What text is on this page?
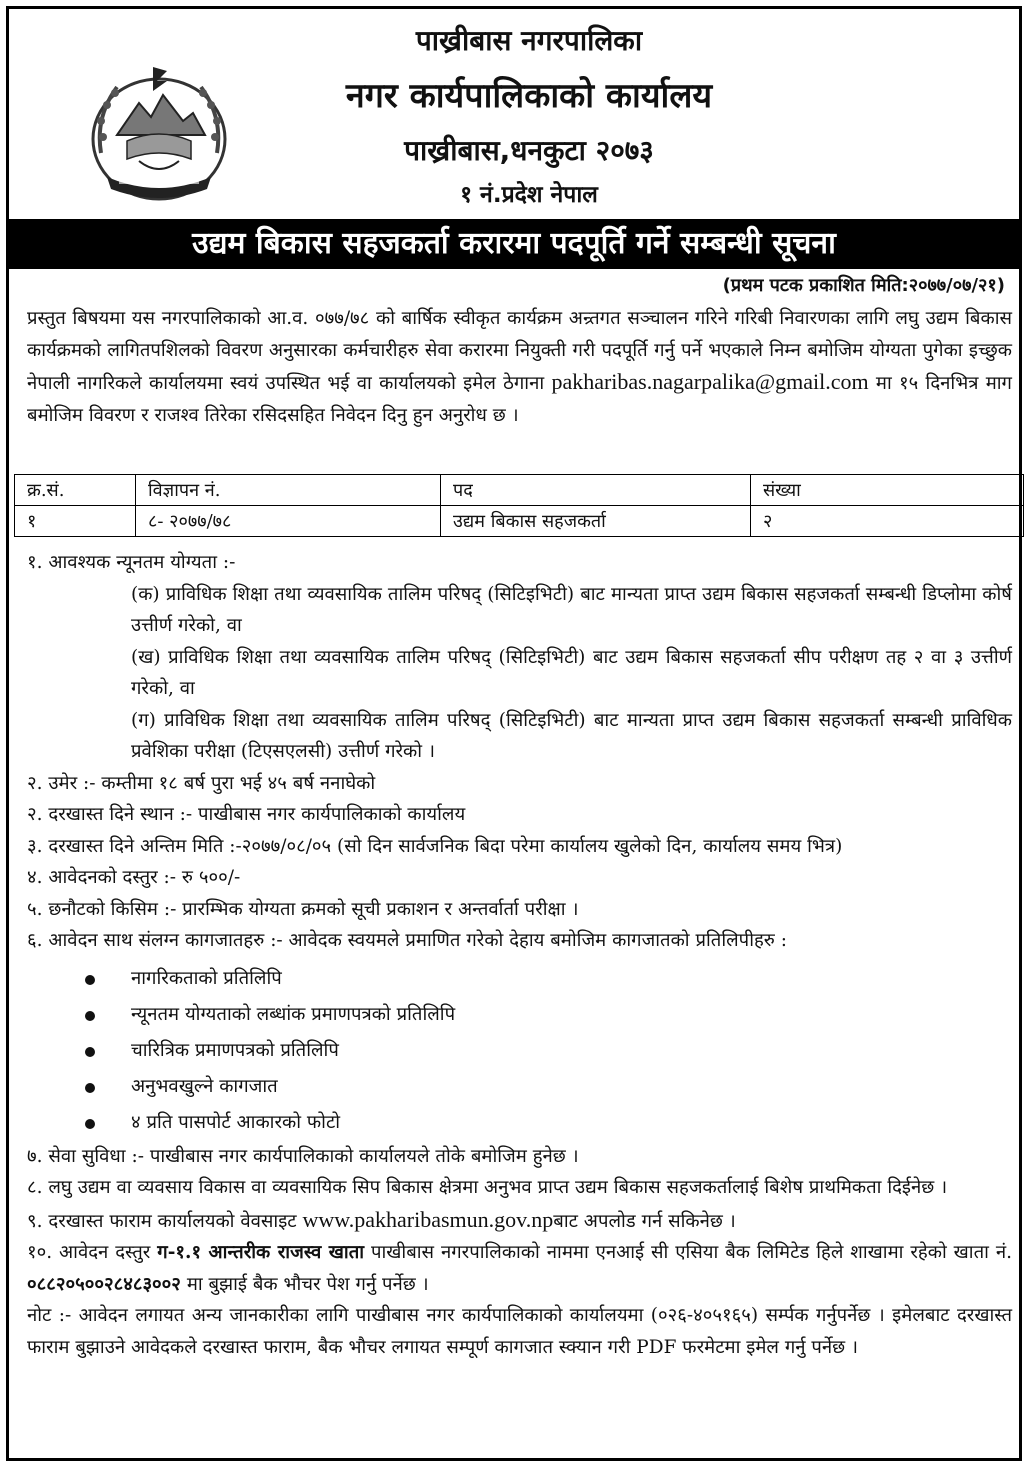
पाख्रीबास नगरपालिका
नगर कार्यपालिकाको कार्यालय
पाख्रीबास,धनकुटा २०७३
१ नं.प्रदेश नेपाल
उद्यम बिकास सहजकर्ता करारमा पदपूर्ति गर्ने सम्बन्धी सूचना
(प्रथम पटक प्रकाशित मिति:२०७७/०७/२१)
प्रस्तुत बिषयमा यस नगरपालिकाको आ.व. ०७७/७८ को बार्षिक स्वीकृत कार्यक्रम अन्र्तगत सञ्चालन गरिने गरिबी निवारणका लागि लघु उद्यम बिकास कार्यक्रमको लागितपशिलको विवरण अनुसारका कर्मचारीहरु सेवा करारमा नियुक्ती गरी पदपूर्ति गर्नु पर्ने भएकाले निम्न बमोजिम योग्यता पुगेका इच्छुक नेपाली नागरिकले कार्यालयमा स्वयं उपस्थित भई वा कार्यालयको इमेल ठेगाना pakharibas.nagarpalika@gmail.com मा १५ दिनभित्र माग बमोजिम विवरण र राजश्व तिरेका रसिदसहित निवेदन दिनु हुन अनुरोध छ ।
क्र.सं.	विज्ञापन नं.	पद	संख्या
१	८- २०७७/७८	उद्यम बिकास सहजकर्ता	२

१. आवश्यक न्यूनतम योग्यता :-

(क) प्राविधिक शिक्षा तथा व्यवसायिक तालिम परिषद् (सिटिइभिटी) बाट मान्यता प्राप्त उद्यम बिकास सहजकर्ता सम्बन्धी डिप्लोमा कोर्ष उत्तीर्ण गरेको, वा

(ख) प्राविधिक शिक्षा तथा व्यवसायिक तालिम परिषद् (सिटिइभिटी) बाट उद्यम बिकास सहजकर्ता सीप परीक्षण तह २ वा ३ उत्तीर्ण गरेको, वा

(ग) प्राविधिक शिक्षा तथा व्यवसायिक तालिम परिषद् (सिटिइभिटी) बाट मान्यता प्राप्त उद्यम बिकास सहजकर्ता सम्बन्धी प्राविधिक प्रवेशिका परीक्षा (टिएसएलसी) उत्तीर्ण गरेको ।

२. उमेर :- कम्तीमा १८ बर्ष पुरा भई ४५ बर्ष ननाघेको

२. दरखास्त दिने स्थान :- पाखीबास नगर कार्यपालिकाको कार्यालय

३. दरखास्त दिने अन्तिम मिति :-२०७७/०८/०५ (सो दिन सार्वजनिक बिदा परेमा कार्यालय खुलेको दिन, कार्यालय समय भित्र)

४. आवेदनको दस्तुर :- रु ५००/-

५. छनौटको किसिम :- प्रारम्भिक योग्यता क्रमको सूची प्रकाशन र अन्तर्वार्ता परीक्षा ।

६. आवेदन साथ संलग्न कागजातहरु :- आवेदक स्वयमले प्रमाणित गरेको देहाय बमोजिम कागजातको प्रतिलिपीहरु :

नागरिकताको प्रतिलिपि
न्यूनतम योग्यताको लब्धांक प्रमाणपत्रको प्रतिलिपि
चारित्रिक प्रमाणपत्रको प्रतिलिपि
अनुभवखुल्ने कागजात
४ प्रति पासपोर्ट आकारको फोटो

७. सेवा सुविधा :- पाखीबास नगर कार्यपालिकाको कार्यालयले तोके बमोजिम हुनेछ ।

८. लघु उद्यम वा व्यवसाय विकास वा व्यवसायिक सिप बिकास क्षेत्रमा अनुभव प्राप्त उद्यम बिकास सहजकर्तालाई बिशेष प्राथमिकता दिईनेछ ।

९. दरखास्त फाराम कार्यालयको वेवसाइट www.pakharibasmun.gov.npबाट अपलोड गर्न सकिनेछ ।

१०. आवेदन दस्तुर ग-१.१ आन्तरीक राजस्व खाता पाखीबास नगरपालिकाको नाममा एनआई सी एसिया बैक लिमिटेड हिले शाखामा रहेको खाता नं. ०८८२०५००२८४८३००२ मा बुझाई बैक भौचर पेश गर्नु पर्नेछ ।

नोट :- आवेदन लगायत अन्य जानकारीका लागि पाखीबास नगर कार्यपालिकाको कार्यालयमा (०२६-४०५१६५) सर्म्पक गर्नुपर्नेछ । इमेलबाट दरखास्त फाराम बुझाउने आवेदकले दरखास्त फाराम, बैक भौचर लगायत सम्पूर्ण कागजात स्क्यान गरी PDF फरमेटमा इमेल गर्नु पर्नेछ ।
